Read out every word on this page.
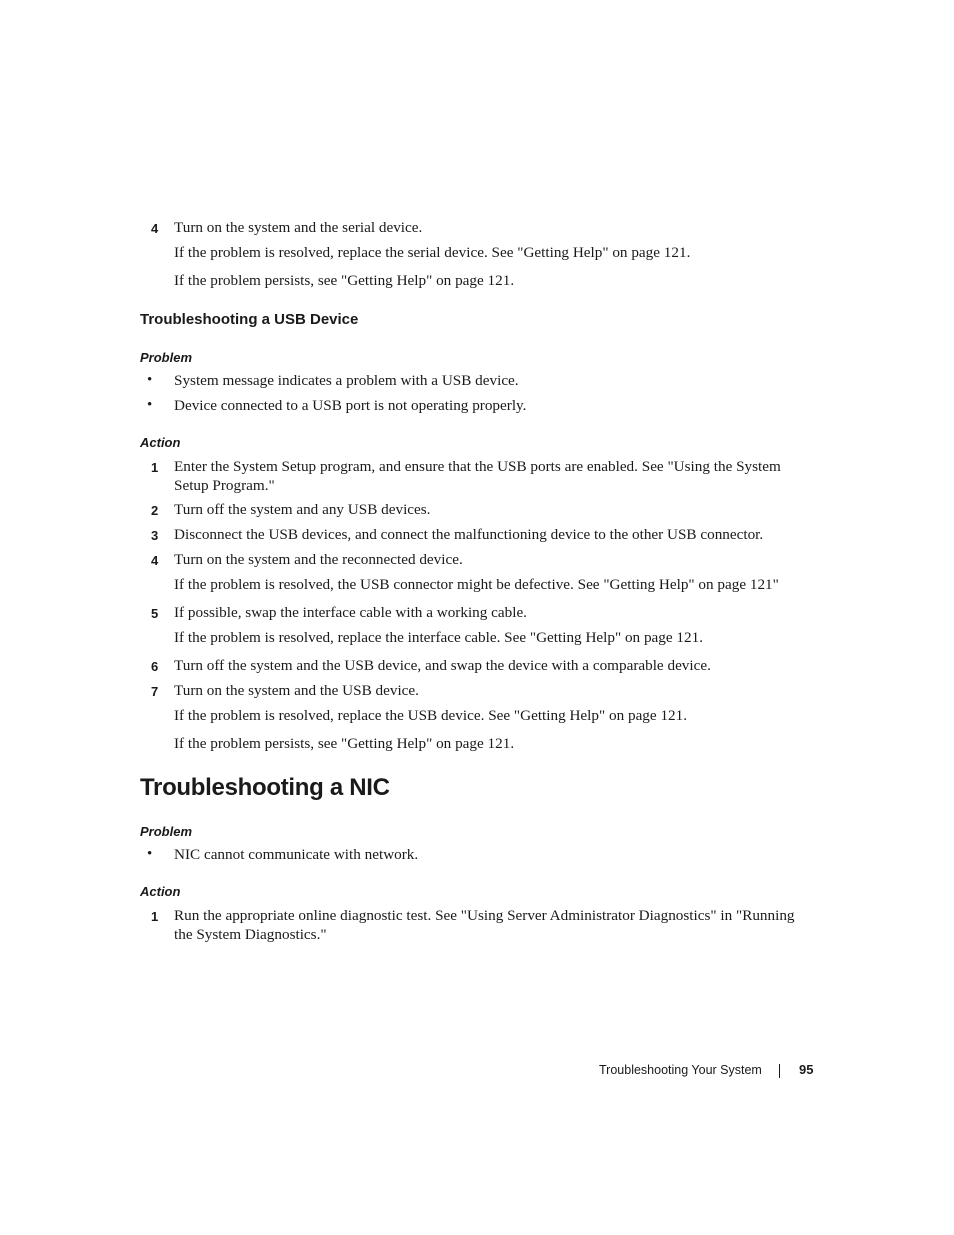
4 Turn on the system and the serial device.
If the problem is resolved, replace the serial device. See "Getting Help" on page 121.
If the problem persists, see "Getting Help" on page 121.
Troubleshooting a USB Device
Problem
• System message indicates a problem with a USB device.
• Device connected to a USB port is not operating properly.
Action
1 Enter the System Setup program, and ensure that the USB ports are enabled. See "Using the System
Setup Program."
2 Turn off the system and any USB devices.
3 Disconnect the USB devices, and connect the malfunctioning device to the other USB connector.
4 Turn on the system and the reconnected device.
If the problem is resolved, the USB connector might be defective. See "Getting Help" on page 121"
5 If possible, swap the interface cable with a working cable.
If the problem is resolved, replace the interface cable. See "Getting Help" on page 121.
6 Turn off the system and the USB device, and swap the device with a comparable device.
7 Turn on the system and the USB device.
If the problem is resolved, replace the USB device. See "Getting Help" on page 121.
If the problem persists, see "Getting Help" on page 121.
Troubleshooting a NIC
Problem
• NIC cannot communicate with network.
Action
1 Run the appropriate online diagnostic test. See "Using Server Administrator Diagnostics" in "Running
the System Diagnostics."
Troubleshooting Your System	95
